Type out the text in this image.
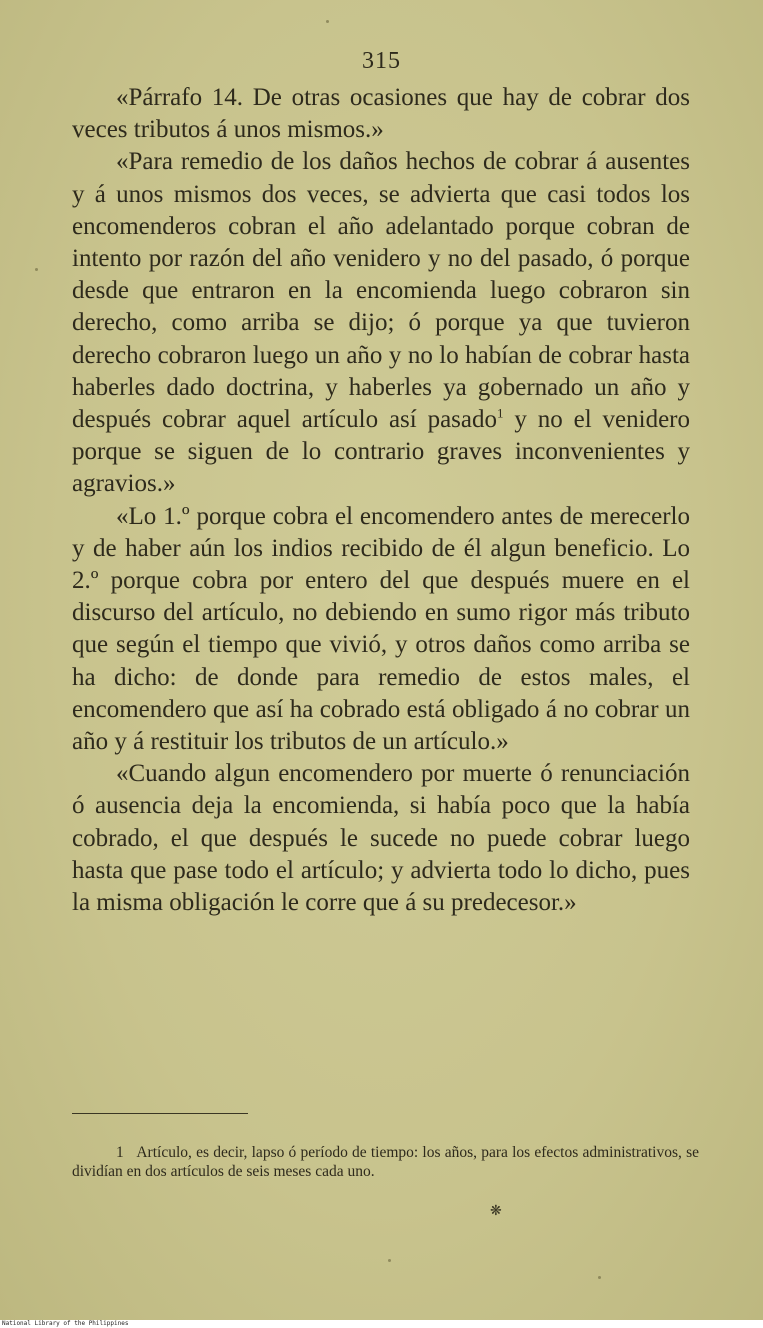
315

«Párrafo 14. De otras ocasiones que hay de cobrar dos veces tributos á unos mismos.»

«Para remedio de los daños hechos de cobrar á ausentes y á unos mismos dos veces, se advierta que casi todos los encomenderos cobran el año adelantado porque cobran de intento por razón del año venidero y no del pasado, ó porque desde que entraron en la encomienda luego cobraron sin derecho, como arriba se dijo; ó porque ya que tuvieron derecho cobraron luego un año y no lo habían de cobrar hasta haberles dado doctrina, y haberles ya gobernado un año y después cobrar aquel artículo así pasado$^1$ y no el venidero porque se siguen de lo contrario graves inconvenientes y agravios.»

«Lo 1.º porque cobra el encomendero antes de merecerlo y de haber aún los indios recibido de él algun beneficio. Lo 2.º porque cobra por entero del que después muere en el discurso del artículo, no debiendo en sumo rigor más tributo que según el tiempo que vivió, y otros daños como arriba se ha dicho: de donde para remedio de estos males, el encomendero que así ha cobrado está obligado á no cobrar un año y á restituir los tributos de un artículo.»

«Cuando algun encomendero por muerte ó renunciación ó ausencia deja la encomienda, si había poco que la había cobrado, el que después le sucede no puede cobrar luego hasta que pase todo el artículo; y advierta todo lo dicho, pues la misma obligación le corre que á su predecesor.»

1 Artículo, es decir, lapso ó período de tiempo: los años, para los efectos administrativos, se dividían en dos artículos de seis meses cada uno.

❋
National Library of the Philippines
